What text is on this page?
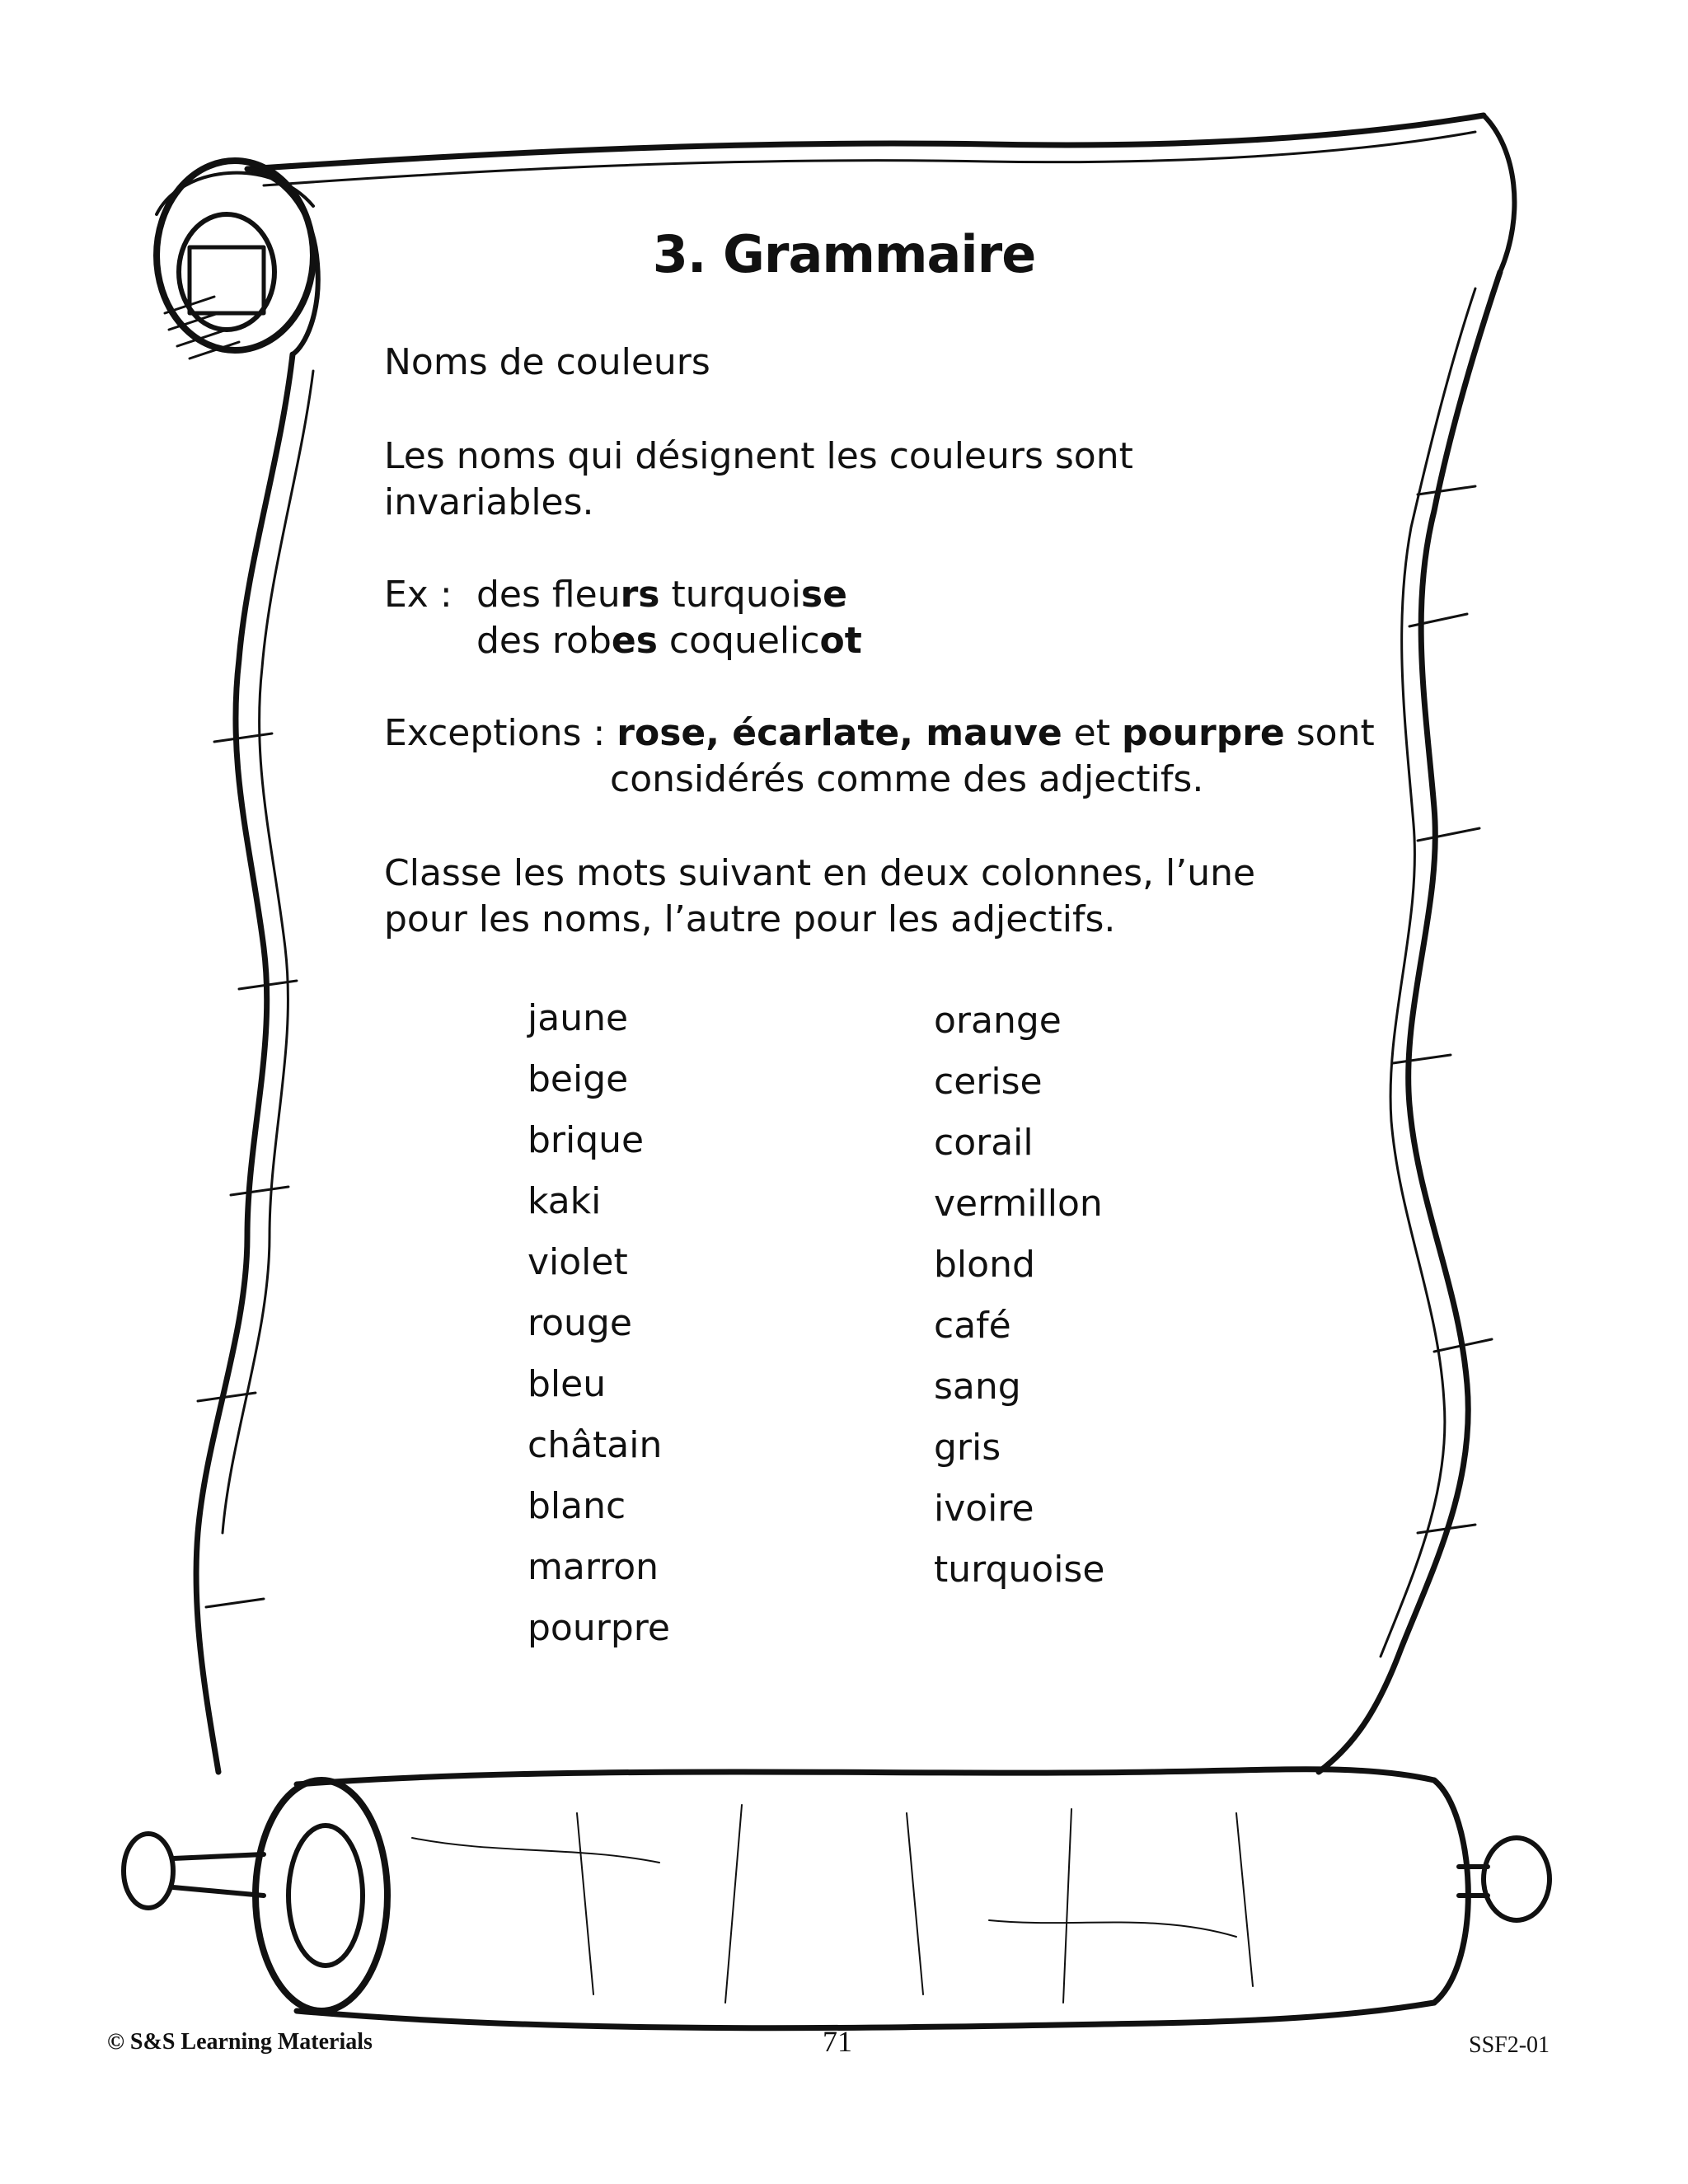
3. Grammaire
Noms de couleurs
Les noms qui désignent les couleurs sont
invariables.
Ex : des fleurs turquoise
des robes coquelicot
Exceptions : rose, écarlate, mauve et pourpre sont
considérés comme des adjectifs.
Classe les mots suivant en deux colonnes, l’une
pour les noms, l’autre pour les adjectifs.
jaune
beige
brique
kaki
violet
rouge
bleu
châtain
blanc
marron
pourpre
orange
cerise
corail
vermillon
blond
café
sang
gris
ivoire
turquoise
© S&S Learning Materials	71	SSF2-01
